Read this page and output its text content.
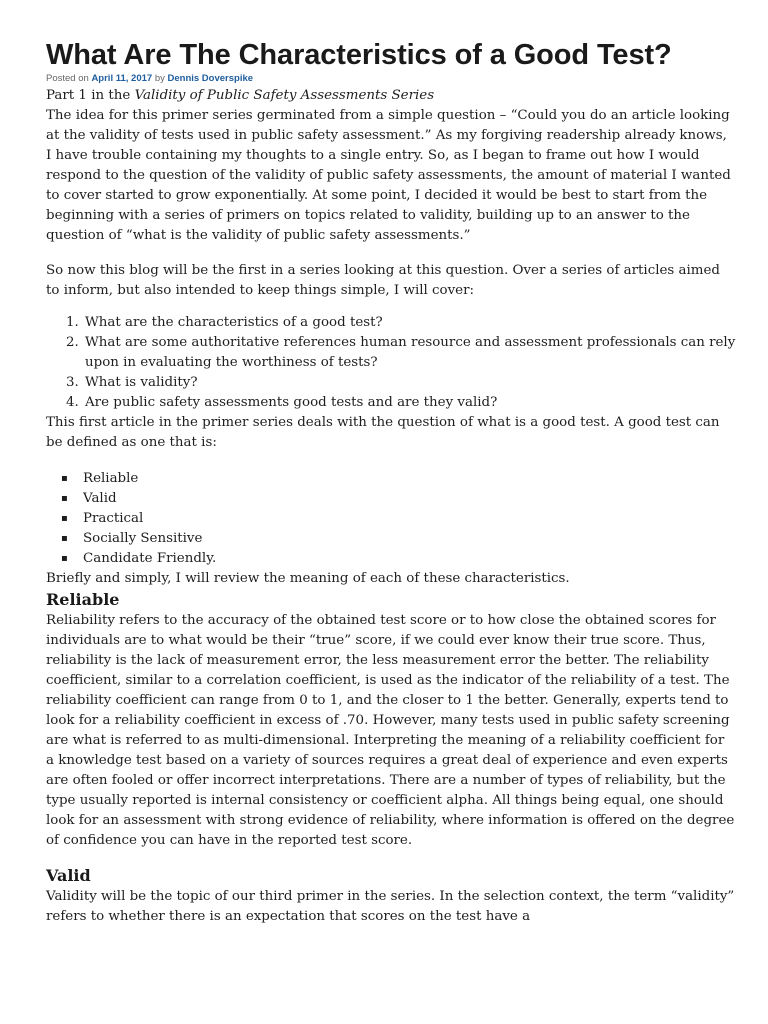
What Are The Characteristics of a Good Test?
Posted on April 11, 2017 by Dennis Doverspike

Part 1 in the Validity of Public Safety Assessments Series

The idea for this primer series germinated from a simple question – “Could you do an article looking at the validity of tests used in public safety assessment.” As my forgiving readership already knows, I have trouble containing my thoughts to a single entry. So, as I began to frame out how I would respond to the question of the validity of public safety assessments, the amount of material I wanted to cover started to grow exponentially. At some point, I decided it would be best to start from the beginning with a series of primers on topics related to validity, building up to an answer to the question of “what is the validity of public safety assessments.”

So now this blog will be the first in a series looking at this question. Over a series of articles aimed to inform, but also intended to keep things simple, I will cover:

1. What are the characteristics of a good test?
2. What are some authoritative references human resource and assessment professionals can rely upon in evaluating the worthiness of tests?
3. What is validity?
4. Are public safety assessments good tests and are they valid?

This first article in the primer series deals with the question of what is a good test. A good test can be defined as one that is:

▪ Reliable
▪ Valid
▪ Practical
▪ Socially Sensitive
▪ Candidate Friendly.

Briefly and simply, I will review the meaning of each of these characteristics.

Reliable

Reliability refers to the accuracy of the obtained test score or to how close the obtained scores for individuals are to what would be their “true” score, if we could ever know their true score. Thus, reliability is the lack of measurement error, the less measurement error the better. The reliability coefficient, similar to a correlation coefficient, is used as the indicator of the reliability of a test. The reliability coefficient can range from 0 to 1, and the closer to 1 the better. Generally, experts tend to look for a reliability coefficient in excess of .70. However, many tests used in public safety screening are what is referred to as multi-dimensional. Interpreting the meaning of a reliability coefficient for a knowledge test based on a variety of sources requires a great deal of experience and even experts are often fooled or offer incorrect interpretations. There are a number of types of reliability, but the type usually reported is internal consistency or coefficient alpha. All things being equal, one should look for an assessment with strong evidence of reliability, where information is offered on the degree of confidence you can have in the reported test score.

Valid

Validity will be the topic of our third primer in the series. In the selection context, the term “validity” refers to whether there is an expectation that scores on the test have a
